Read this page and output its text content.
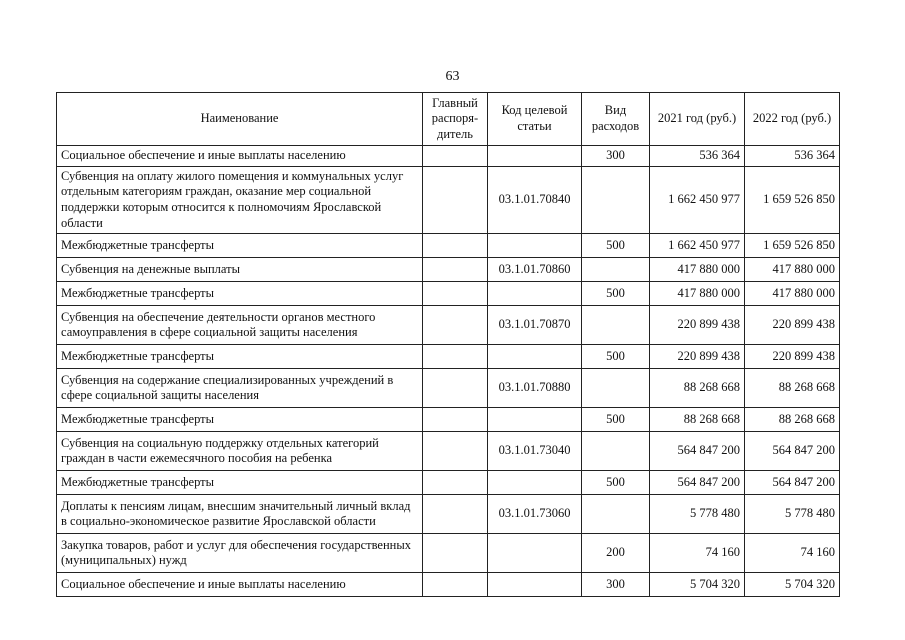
63
Наименование	Главный распоря-дитель	Код целевой статьи	Вид расходов	2021 год (руб.)	2022 год (руб.)
Социальное обеспечение и иные выплаты населению			300	536 364	536 364
Субвенция на оплату жилого помещения и коммунальных услуг отдельным категориям граждан, оказание мер социальной поддержки которым относится к полномочиям Ярославской области		03.1.01.70840		1 662 450 977	1 659 526 850
Межбюджетные трансферты			500	1 662 450 977	1 659 526 850
Субвенция на денежные выплаты		03.1.01.70860		417 880 000	417 880 000
Межбюджетные трансферты			500	417 880 000	417 880 000
Субвенция на обеспечение деятельности органов местного самоуправления в сфере социальной защиты населения		03.1.01.70870		220 899 438	220 899 438
Межбюджетные трансферты			500	220 899 438	220 899 438
Субвенция на содержание специализированных учреждений в сфере социальной защиты населения		03.1.01.70880		88 268 668	88 268 668
Межбюджетные трансферты			500	88 268 668	88 268 668
Субвенция на социальную поддержку отдельных категорий граждан в части ежемесячного пособия на ребенка		03.1.01.73040		564 847 200	564 847 200
Межбюджетные трансферты			500	564 847 200	564 847 200
Доплаты к пенсиям лицам, внесшим значительный личный вклад в социально-экономическое развитие Ярославской области		03.1.01.73060		5 778 480	5 778 480
Закупка товаров, работ и услуг для обеспечения государственных (муниципальных) нужд			200	74 160	74 160
Социальное обеспечение и иные выплаты населению			300	5 704 320	5 704 320
